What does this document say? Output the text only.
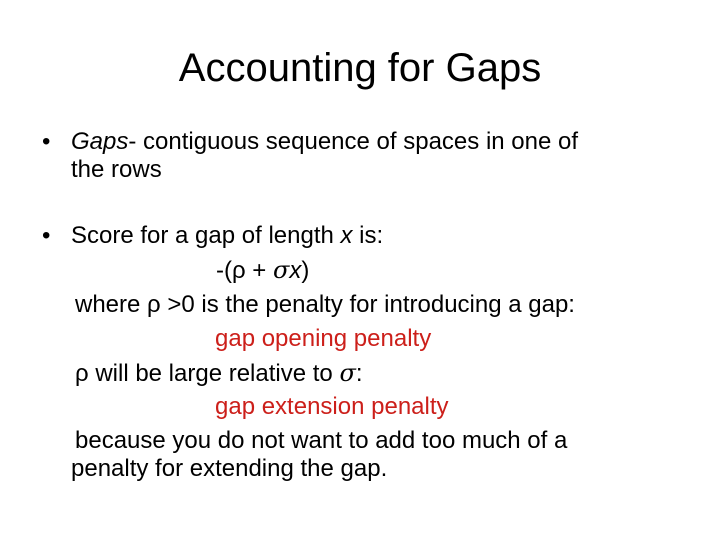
Accounting for Gaps
• Gaps- contiguous sequence of spaces in one of
the rows
• Score for a gap of length x is:
-(ρ + σx)
where ρ >0 is the penalty for introducing a gap:
gap opening penalty
ρ will be large relative to σ:
gap extension penalty
because you do not want to add too much of a
penalty for extending the gap.
